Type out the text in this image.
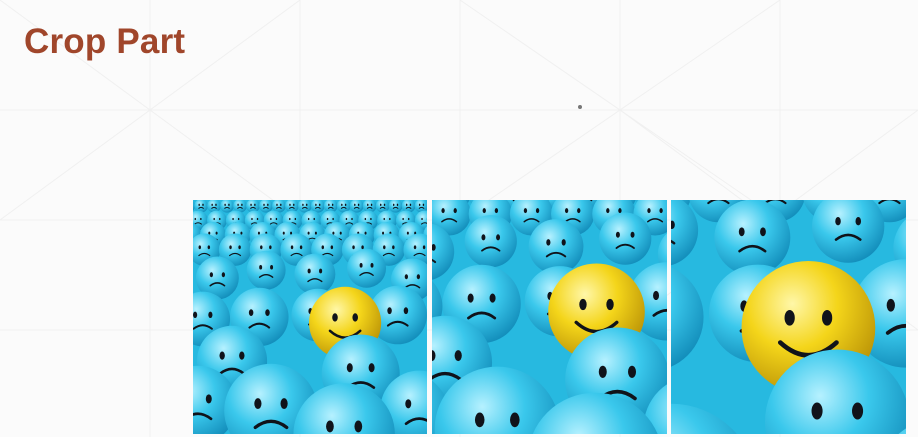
Crop Part
